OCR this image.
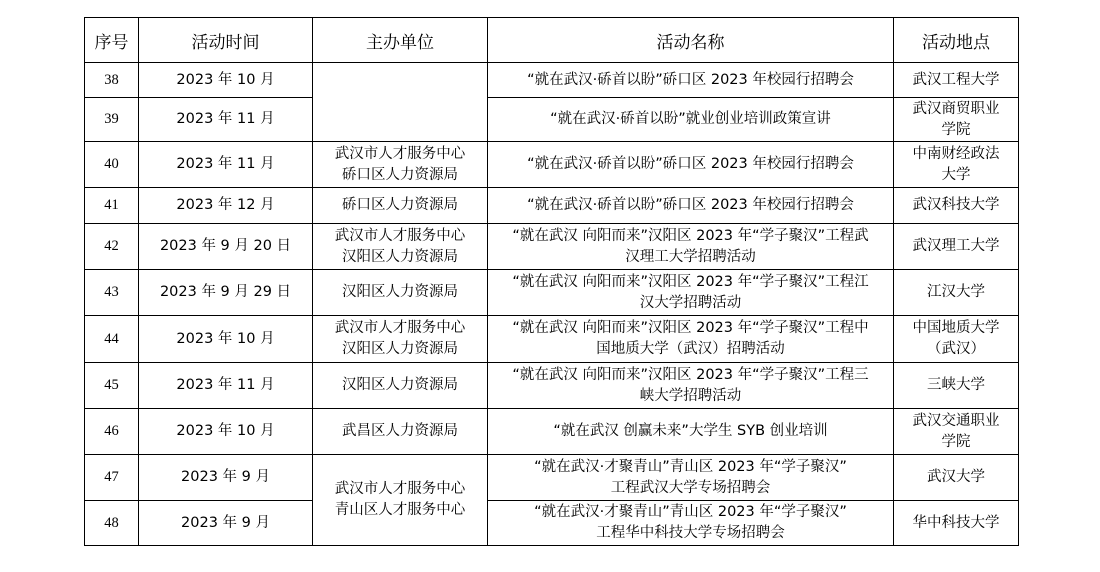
序号	活动时间	主办单位	活动名称	活动地点
38	2023 年 10 月		“就在武汉·硚首以盼”硚口区 2023 年校园行招聘会	武汉工程大学

39	2023 年 11 月		“就在武汉·硚首以盼”就业创业培训政策宣讲	武汉商贸职业
学院

40	2023 年 11 月	武汉市人才服务中心
硚口区人力资源局	“就在武汉·硚首以盼”硚口区 2023 年校园行招聘会	中南财经政法
大学

41	2023 年 12 月	硚口区人力资源局	“就在武汉·硚首以盼”硚口区 2023 年校园行招聘会	武汉科技大学

42	2023 年 9 月 20 日	武汉市人才服务中心
汉阳区人力资源局	“就在武汉 向阳而来”汉阳区 2023 年“学子聚汉”工程武
汉理工大学招聘活动	武汉理工大学

43	2023 年 9 月 29 日	汉阳区人力资源局	“就在武汉 向阳而来”汉阳区 2023 年“学子聚汉”工程江
汉大学招聘活动	江汉大学

44	2023 年 10 月	武汉市人才服务中心
汉阳区人力资源局	“就在武汉 向阳而来”汉阳区 2023 年“学子聚汉”工程中
国地质大学（武汉）招聘活动	中国地质大学
（武汉）

45	2023 年 11 月	汉阳区人力资源局	“就在武汉 向阳而来”汉阳区 2023 年“学子聚汉”工程三
峡大学招聘活动	三峡大学

46	2023 年 10 月	武昌区人力资源局	“就在武汉 创赢未来”大学生 SYB 创业培训	武汉交通职业
学院

47	2023 年 9 月	武汉市人才服务中心
青山区人才服务中心	“就在武汉·才聚青山”青山区 2023 年“学子聚汉”
工程武汉大学专场招聘会	武汉大学

48	2023 年 9 月		“就在武汉·才聚青山”青山区 2023 年“学子聚汉”
工程华中科技大学专场招聘会	华中科技大学
